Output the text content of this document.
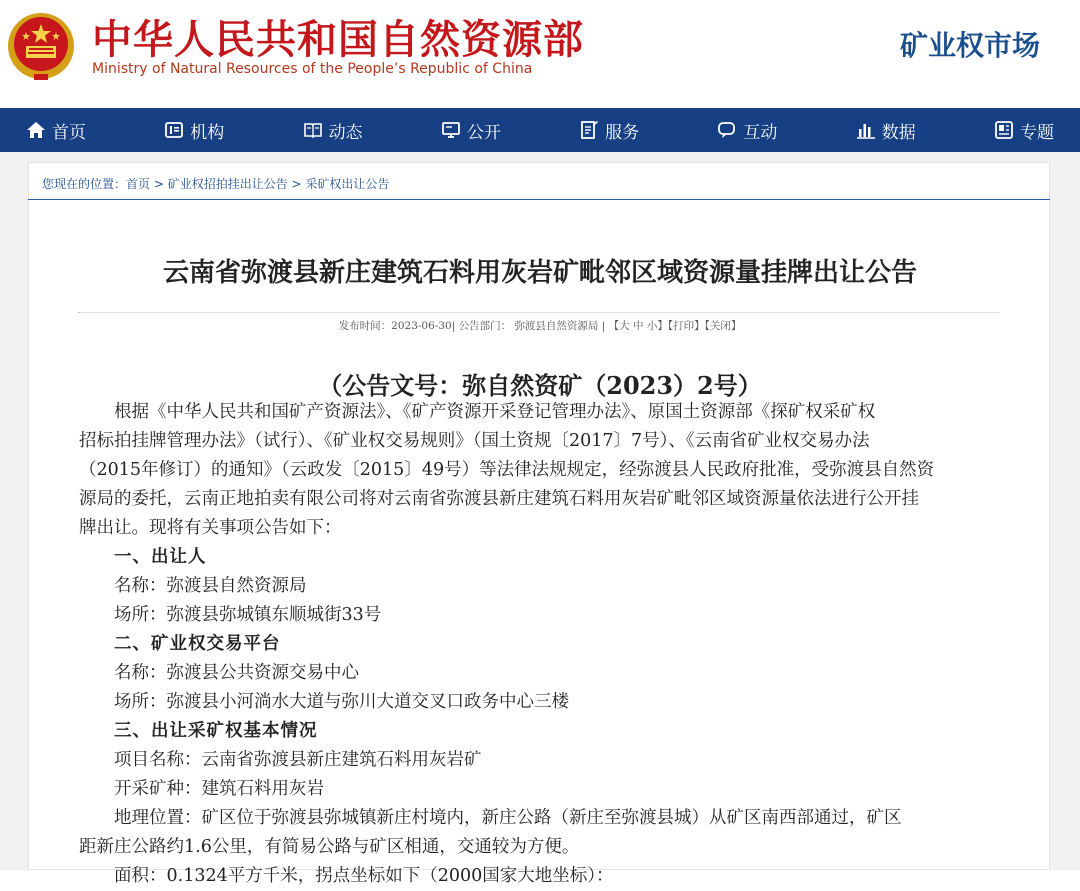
中华人民共和国自然资源部
Ministry of Natural Resources of the People’s Republic of China
矿业权市场
首页	机构	动态	公开	服务	互动	数据	专题
您现在的位置：首页 > 矿业权招拍挂出让公告 > 采矿权出让公告
云南省弥渡县新庄建筑石料用灰岩矿毗邻区域资源量挂牌出让公告
发布时间：2023-06-30| 公告部门： 弥渡县自然资源局 | 【大 中 小】【打印】【关闭】
（公告文号：弥自然资矿（2023）2号）

根据《中华人民共和国矿产资源法》、《矿产资源开采登记管理办法》、原国土资源部《探矿权采矿权

招标拍挂牌管理办法》（试行）、《矿业权交易规则》（国土资规〔2017〕7号）、《云南省矿业权交易办法

（2015年修订）的通知》（云政发〔2015〕49号）等法律法规规定，经弥渡县人民政府批准，受弥渡县自然资

源局的委托，云南正地拍卖有限公司将对云南省弥渡县新庄建筑石料用灰岩矿毗邻区域资源量依法进行公开挂

牌出让。现将有关事项公告如下：

一、出让人

名称：弥渡县自然资源局

场所：弥渡县弥城镇东顺城街33号

二、矿业权交易平台

名称：弥渡县公共资源交易中心

场所：弥渡县小河淌水大道与弥川大道交叉口政务中心三楼

三、出让采矿权基本情况

项目名称：云南省弥渡县新庄建筑石料用灰岩矿

开采矿种：建筑石料用灰岩

地理位置：矿区位于弥渡县弥城镇新庄村境内，新庄公路（新庄至弥渡县城）从矿区南西部通过，矿区

距新庄公路约1.6公里，有简易公路与矿区相通，交通较为方便。

面积：0.1324平方千米，拐点坐标如下（2000国家大地坐标）：
